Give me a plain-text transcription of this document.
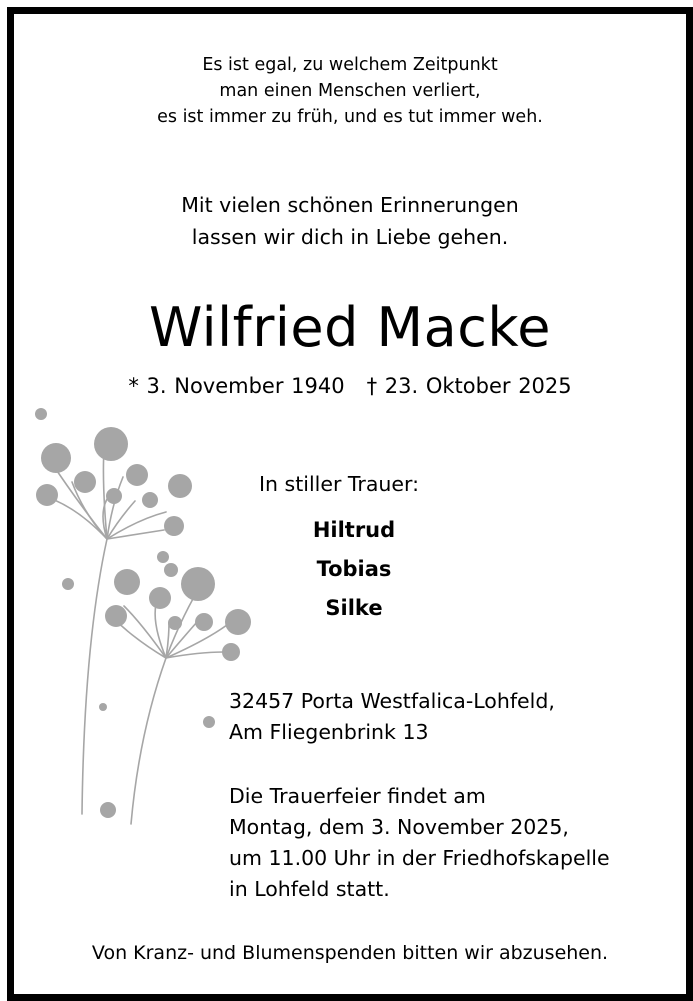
Es ist egal, zu welchem Zeitpunkt
man einen Menschen verliert,
es ist immer zu früh, und es tut immer weh.
Mit vielen schönen Erinnerungen
lassen wir dich in Liebe gehen.
Wilfried Macke
* 3. November 1940 † 23. Oktober 2025
In stiller Trauer:
Hiltrud
Tobias
Silke
32457 Porta Westfalica-Lohfeld,
Am Fliegenbrink 13
Die Trauerfeier findet am
Montag, dem 3. November 2025,
um 11.00 Uhr in der Friedhofskapelle
in Lohfeld statt.
Von Kranz- und Blumenspenden bitten wir abzusehen.
